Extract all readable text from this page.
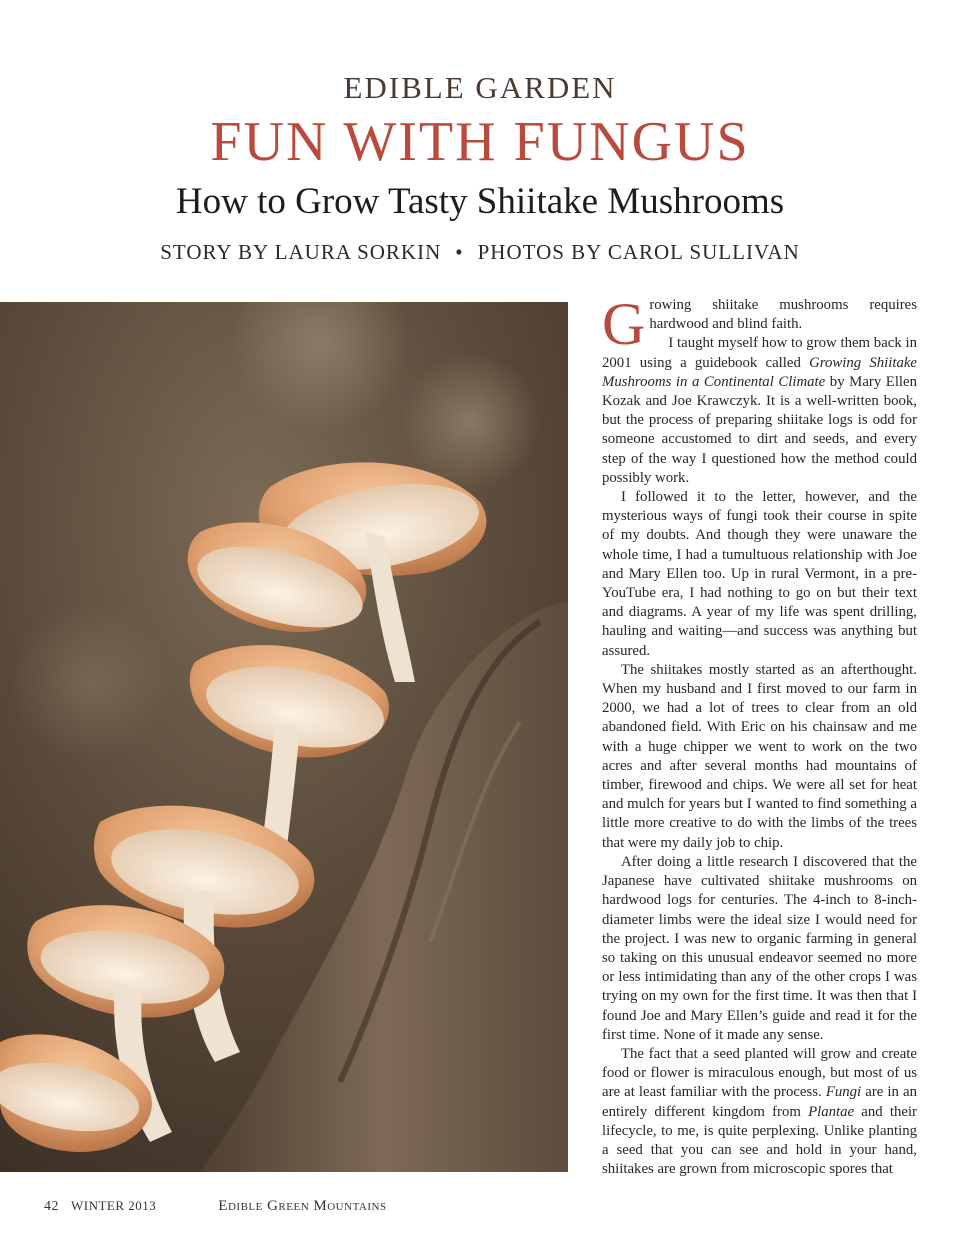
EDIBLE GARDEN
FUN WITH FUNGUS
How to Grow Tasty Shiitake Mushrooms
STORY BY LAURA SORKIN • PHOTOS BY CAROL SULLIVAN

Growing shiitake mushrooms requires hardwood and blind faith.

I taught myself how to grow them back in 2001 using a guidebook called Growing Shiitake Mushrooms in a Continental Climate by Mary Ellen Kozak and Joe Krawczyk. It is a well-written book, but the process of preparing shiitake logs is odd for someone accustomed to dirt and seeds, and every step of the way I questioned how the method could possibly work.

I followed it to the letter, however, and the mysterious ways of fungi took their course in spite of my doubts. And though they were unaware the whole time, I had a tumultuous relationship with Joe and Mary Ellen too. Up in rural Vermont, in a pre-YouTube era, I had nothing to go on but their text and diagrams. A year of my life was spent drilling, hauling and waiting—and success was anything but assured.

The shiitakes mostly started as an afterthought. When my husband and I first moved to our farm in 2000, we had a lot of trees to clear from an old abandoned field. With Eric on his chainsaw and me with a huge chipper we went to work on the two acres and after several months had mountains of timber, firewood and chips. We were all set for heat and mulch for years but I wanted to find something a little more creative to do with the limbs of the trees that were my daily job to chip.

After doing a little research I discovered that the Japanese have cultivated shiitake mushrooms on hardwood logs for centuries. The 4-inch to 8-inch-diameter limbs were the ideal size I would need for the project. I was new to organic farming in general so taking on this unusual endeavor seemed no more or less intimidating than any of the other crops I was trying on my own for the first time. It was then that I found Joe and Mary Ellen’s guide and read it for the first time. None of it made any sense.

The fact that a seed planted will grow and create food or flower is miraculous enough, but most of us are at least familiar with the process. Fungi are in an entirely different kingdom from Plantae and their lifecycle, to me, is quite perplexing. Unlike planting a seed that you can see and hold in your hand, shiitakes are grown from microscopic spores that

42 WINTER 2013	Edible Green Mountains
